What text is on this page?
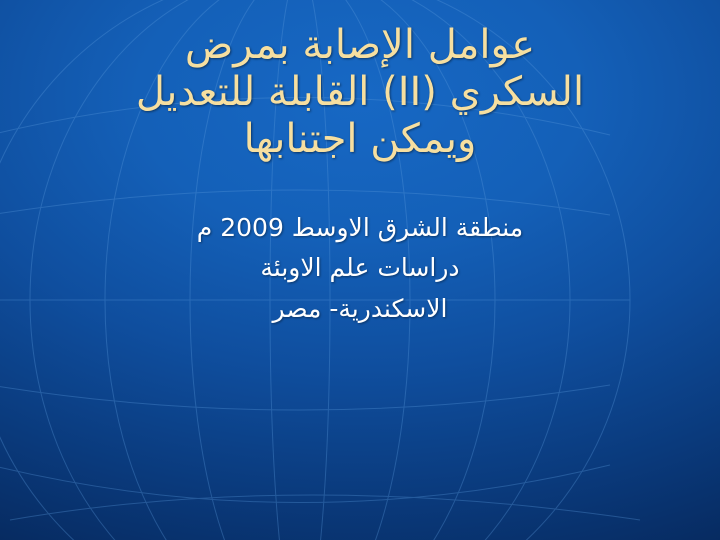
عوامل الإصابة بمرض
السكري (II) القابلة للتعديل
ويمكن اجتنابها
منطقة الشرق الاوسط 2009 م
دراسات علم الاوبئة
الاسكندرية- مصر
